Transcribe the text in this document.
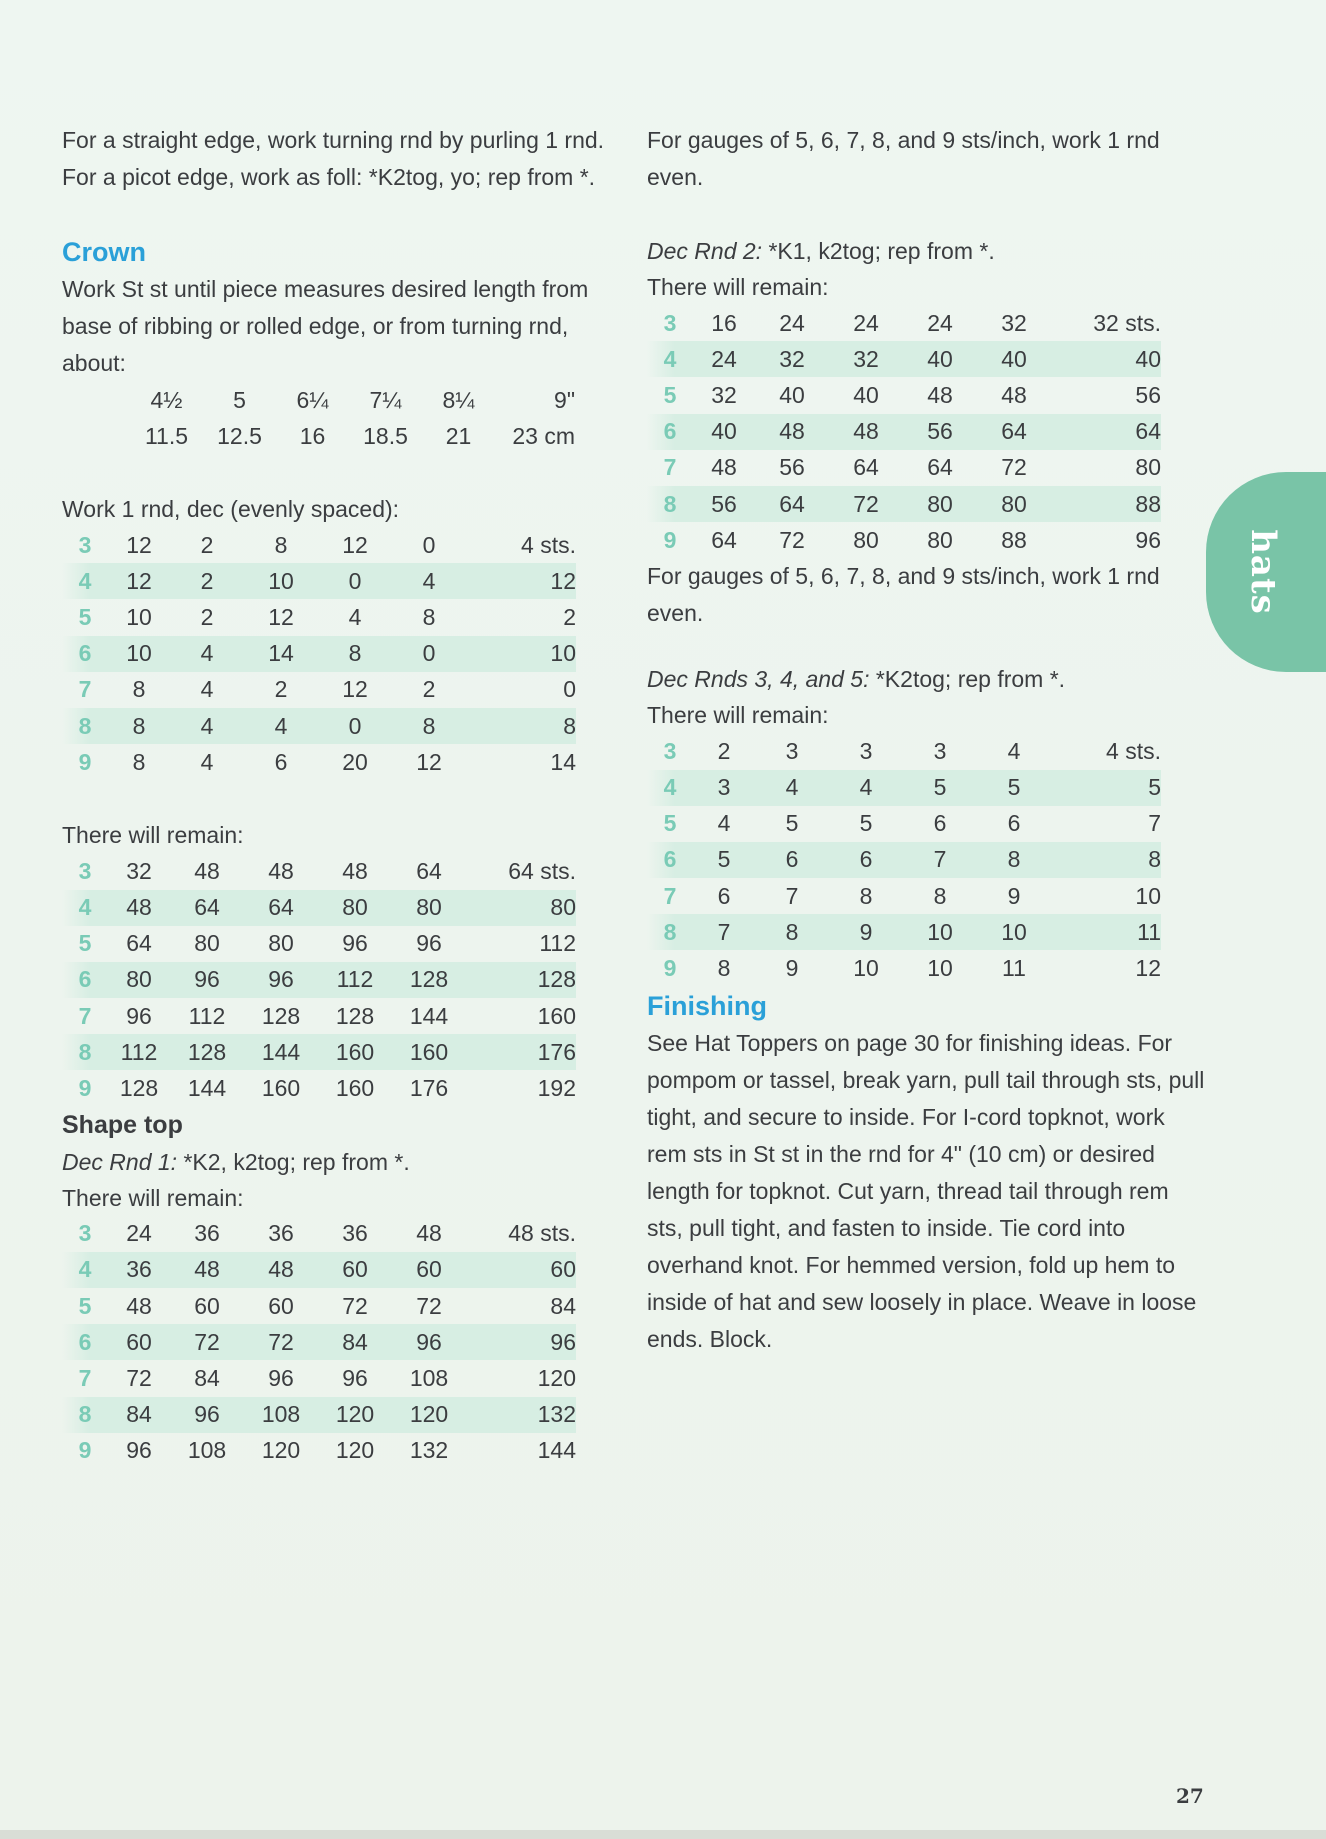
For a straight edge, work turning rnd by purling 1 rnd. For a picot edge, work as foll: *K2tog, yo; rep from *.

Crown

Work St st until piece measures desired length from base of ribbing or rolled edge, or from turning rnd, about:

4½	5	6¼	7¼	8¼	9"
11.5	12.5	16	18.5	21	23 cm
Work 1 rnd, dec (evenly spaced):
3	12	2	8	12	0	4 sts.
4	12	2	10	0	4	12
5	10	2	12	4	8	2
6	10	4	14	8	0	10
7	8	4	2	12	2	0
8	8	4	4	0	8	8
9	8	4	6	20	12	14
There will remain:
3	32	48	48	48	64	64 sts.
4	48	64	64	80	80	80
5	64	80	80	96	96	112
6	80	96	96	112	128	128
7	96	112	128	128	144	160
8	112	128	144	160	160	176
9	128	144	160	160	176	192
Shape top
Dec Rnd 1: *K2, k2tog; rep from *.
There will remain:
3	24	36	36	36	48	48 sts.
4	36	48	48	60	60	60
5	48	60	60	72	72	84
6	60	72	72	84	96	96
7	72	84	96	96	108	120
8	84	96	108	120	120	132
9	96	108	120	120	132	144

For gauges of 5, 6, 7, 8, and 9 sts/inch, work 1 rnd even.

Dec Rnd 2: *K1, k2tog; rep from *.
There will remain:
3	16	24	24	24	32	32 sts.
4	24	32	32	40	40	40
5	32	40	40	48	48	56
6	40	48	48	56	64	64
7	48	56	64	64	72	80
8	56	64	72	80	80	88
9	64	72	80	80	88	96

For gauges of 5, 6, 7, 8, and 9 sts/inch, work 1 rnd even.

Dec Rnds 3, 4, and 5: *K2tog; rep from *.
There will remain:
3	2	3	3	3	4	4 sts.
4	3	4	4	5	5	5
5	4	5	5	6	6	7
6	5	6	6	7	8	8
7	6	7	8	8	9	10
8	7	8	9	10	10	11
9	8	9	10	10	11	12
Finishing

See Hat Toppers on page 30 for finishing ideas. For pompom or tassel, break yarn, pull tail through sts, pull tight, and secure to inside. For I-cord topknot, work rem sts in St st in the rnd for 4" (10 cm) or desired length for topknot. Cut yarn, thread tail through rem sts, pull tight, and fasten to inside. Tie cord into overhand knot. For hemmed version, fold up hem to inside of hat and sew loosely in place. Weave in loose ends. Block.

hats
27
